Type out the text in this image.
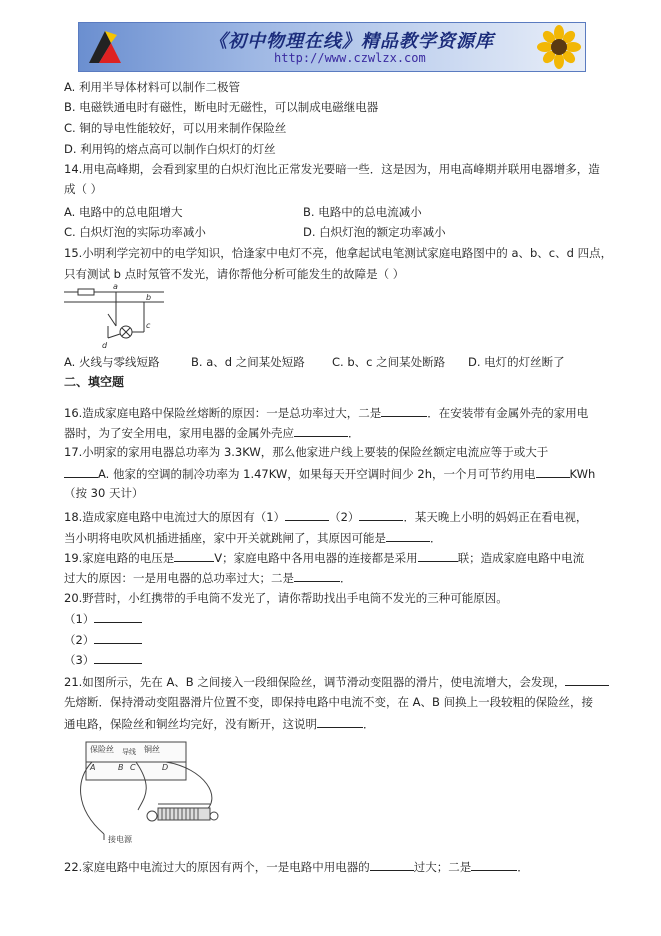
《初中物理在线》精品教学资源库
http://www.czwlzx.com
A. 利用半导体材料可以制作二极管
B. 电磁铁通电时有磁性，断电时无磁性，可以制成电磁继电器
C. 铜的导电性能较好，可以用来制作保险丝
D. 利用钨的熔点高可以制作白炽灯的灯丝
14.用电高峰期，会看到家里的白炽灯泡比正常发光要暗一些．这是因为，用电高峰期并联用电器增多，造
成（ ）
A. 电路中的总电阻增大	B. 电路中的总电流减小
C. 白炽灯泡的实际功率减小	D. 白炽灯泡的额定功率减小
15.小明利学完初中的电学知识，恰逢家中电灯不亮，他拿起试电笔测试家庭电路图中的 a、b、c、d 四点，
只有测试 b 点时氖管不发光，请你帮他分析可能发生的故障是（ ）
a
b
c
d
A. 火线与零线短路	B. a、d 之间某处短路 C. b、c 之间某处断路 D. 电灯的灯丝断了
二、填空题
16.造成家庭电路中保险丝熔断的原因：一是总功率过大，二是	．在安装带有金属外壳的家用电
器时，为了安全用电，家用电器的金属外壳应	．
17.小明家的家用电器总功率为 3.3KW，那么他家进户线上要装的保险丝额定电流应等于或大于
A. 他家的空调的制冷功率为 1.47KW，如果每天开空调时间少 2h，一个月可节约用电	KWh
（按 30 天计）
18.造成家庭电路中电流过大的原因有（1）	（2）	．某天晚上小明的妈妈正在看电视，
当小明将电吹风机插进插座，家中开关就跳闸了，其原因可能是	．
19.家庭电路的电压是	V；家庭电路中各用电器的连接都是采用	联；造成家庭电路中电流
过大的原因：一是用电器的总功率过大；二是	．
20.野营时，小红携带的手电筒不发光了，请你帮助找出手电筒不发光的三种可能原因。
（1）
（2）
（3）
21.如图所示，先在 A、B 之间接入一段细保险丝，调节滑动变阻器的滑片，使电流增大，会发现，
先熔断．保持滑动变阻器滑片位置不变，即保持电路中电流不变，在 A、B 间换上一段较粗的保险丝，接
通电路，保险丝和铜丝均完好，没有断开，这说明	．
保险丝 导线 铜丝
A	B C	D
接电源
22.家庭电路中电流过大的原因有两个，一是电路中用电器的	过大；二是	．
